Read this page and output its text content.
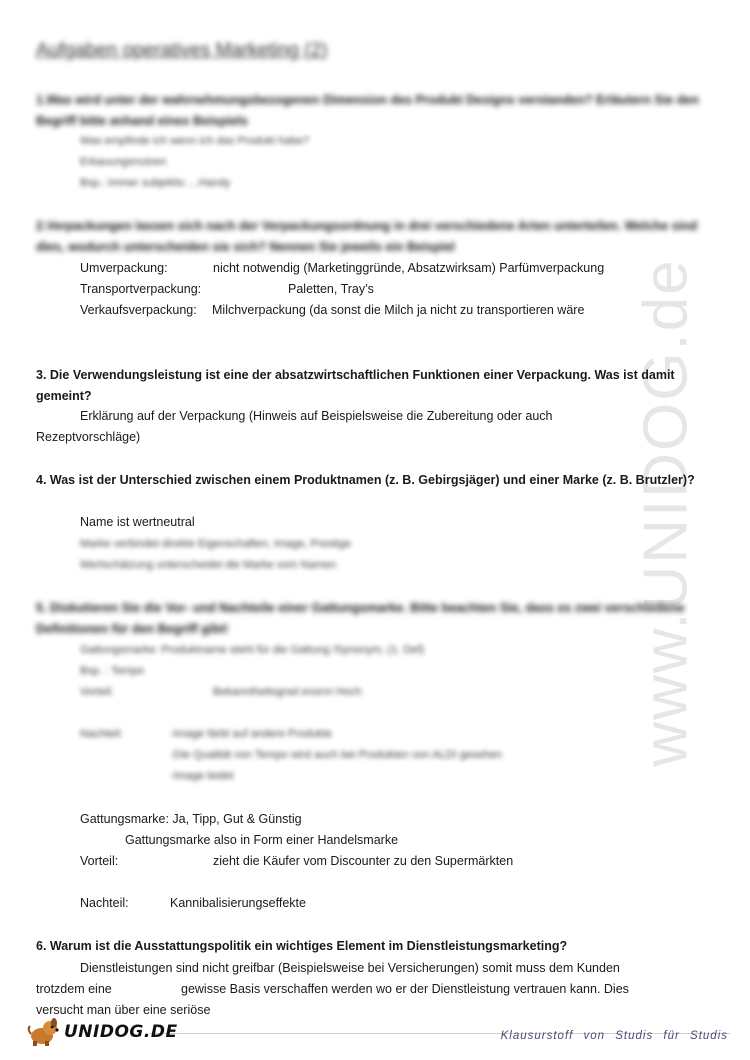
www.UNIDOG.de
Aufgaben operatives Marketing (2)
1.Was wird unter der wahrnehmungsbezogenen Dimension des Produkt Designs verstanden? Erläutern Sie den Begriff bitte anhand eines Beispiels
Was empfinde ich wenn ich das Produkt habe?
Erbauungsnutzen
Bsp.: immer subjektiv….Handy
2.Verpackungen lassen sich nach der Verpackungsordnung in drei verschiedene Arten unterteilen. Welche sind dies, wodurch unterscheiden sie sich? Nennen Sie jeweils ein Beispiel
Umverpackung:	nicht notwendig (Marketinggründe, Absatzwirksam) Parfümverpackung
Transportverpackung:	Paletten, Tray’s
Verkaufsverpackung: Milchverpackung (da sonst die Milch ja nicht zu transportieren wäre
3. Die Verwendungsleistung ist eine der absatzwirtschaftlichen Funktionen einer Verpackung. Was ist damit gemeint?
Erklärung auf der Verpackung (Hinweis auf Beispielsweise die Zubereitung oder auch
Rezeptvorschläge)
4. Was ist der Unterschied zwischen einem Produktnamen (z. B. Gebirgsjäger) und einer Marke (z. B. Brutzler)?
Name ist wertneutral
Marke verbindet direkte Eigenschaften, Image, Prestige
Wertschätzung unterscheidet die Marke vom Namen
5. Diskutieren Sie die Vor- und Nachteile einer Gattungsmarke. Bitte beachten Sie, dass es zwei verschiedene Definitionen für den Begriff gibt!
Gattungsmarke: Produktname steht für die Gattung /Synonym, (1. Def)
Bsp. : Tempo
Vorteil:	Bekanntheitsgrad enorm Hoch
Nachteil:	-Image färbt auf andere Produkte
-Die Qualität von Tempo wird auch bei Produkten von ALDI gesehen
-Image leidet
Gattungsmarke: Ja, Tipp, Gut & Günstig
Gattungsmarke also in Form einer Handelsmarke
Vorteil:	zieht die Käufer vom Discounter zu den Supermärkten
Nachteil:	Kannibalisierungseffekte
6. Warum ist die Ausstattungspolitik ein wichtiges Element im Dienstleistungsmarketing?
Dienstleistungen sind nicht greifbar (Beispielsweise bei Versicherungen) somit muss dem Kunden
trotzdem eine	gewisse Basis verschaffen werden wo er der Dienstleistung vertrauen kann. Dies
versucht man über eine seriöse
UNIDOG.DE	Klausurstoff von Studis für Studis
